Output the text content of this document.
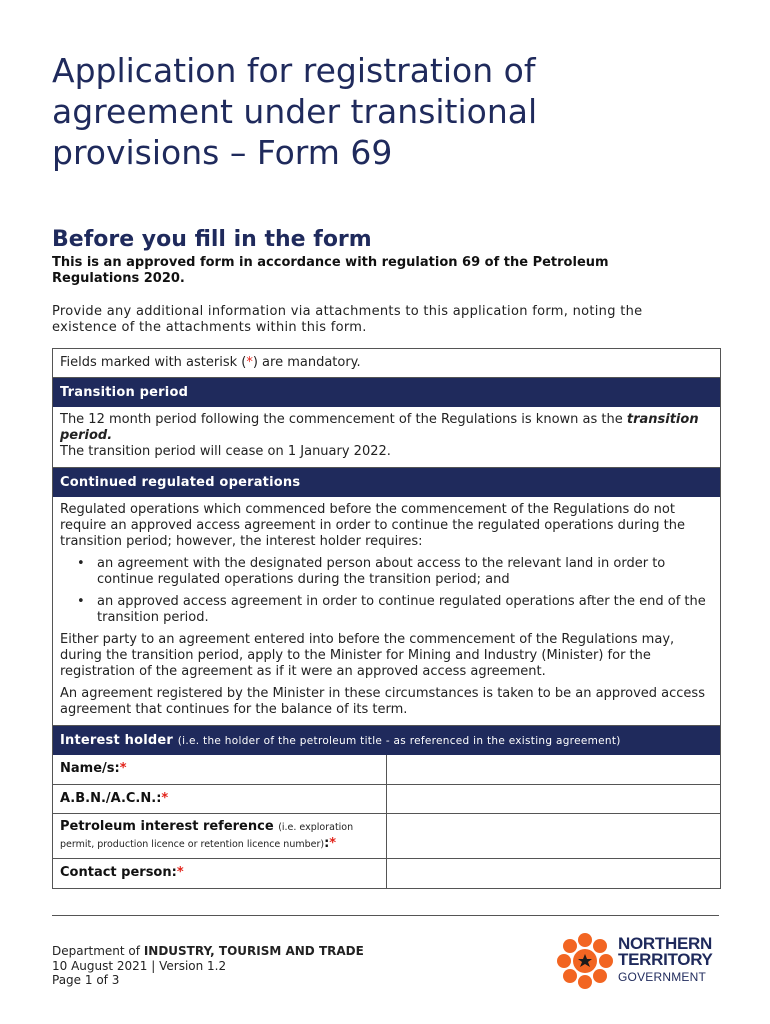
Application for registration of
agreement under transitional
provisions – Form 69
Before you fill in the form

This is an approved form in accordance with regulation 69 of the Petroleum Regulations 2020.

Provide any additional information via attachments to this application form, noting the existence of the attachments within this form.

Fields marked with asterisk (*) are mandatory.
Transition period

The 12 month period following the commencement of the Regulations is known as the transition period.
The transition period will cease on 1 January 2022.

Continued regulated operations

Regulated operations which commenced before the commencement of the Regulations do not require an approved access agreement in order to continue the regulated operations during the transition period; however, the interest holder requires:

• an agreement with the designated person about access to the relevant land in order to continue regulated operations during the transition period; and
• an approved access agreement in order to continue regulated operations after the end of the transition period.

Either party to an agreement entered into before the commencement of the Regulations may, during the transition period, apply to the Minister for Mining and Industry (Minister) for the registration of the agreement as if it were an approved access agreement.

An agreement registered by the Minister in these circumstances is taken to be an approved access agreement that continues for the balance of its term.

Interest holder (i.e. the holder of the petroleum title - as referenced in the existing agreement)
Name/s:*
A.B.N./A.C.N.:*
Petroleum interest reference (i.e. exploration permit, production licence or retention licence number):*
Contact person:*
Department of INDUSTRY, TOURISM AND TRADE
10 August 2021 | Version 1.2
Page 1 of 3
NORTHERN
TERRITORY
GOVERNMENT
